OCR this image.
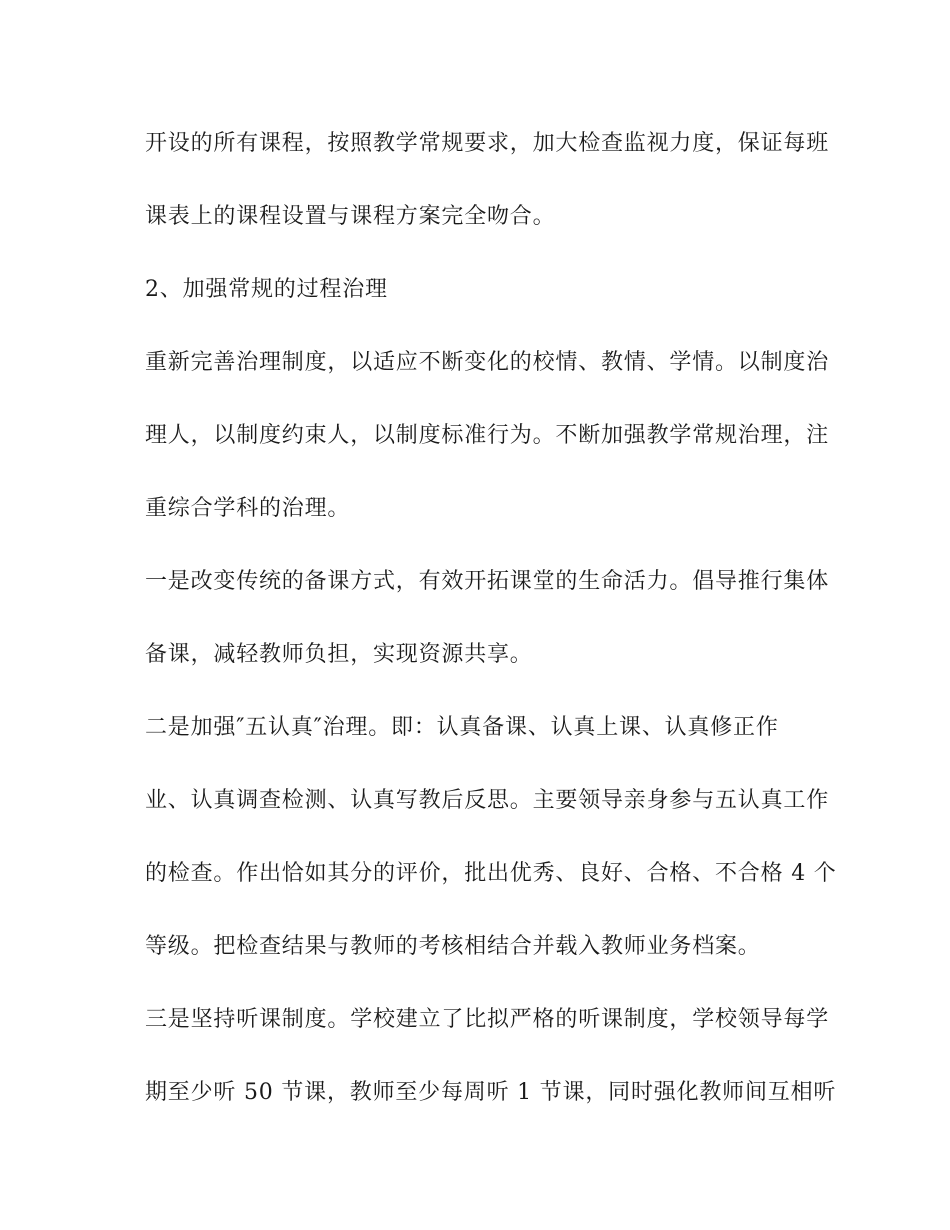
开设的所有课程，按照教学常规要求，加大检查监视力度，保证每班
课表上的课程设置与课程方案完全吻合。
2、加强常规的过程治理
重新完善治理制度，以适应不断变化的校情、教情、学情。以制度治
理人，以制度约束人，以制度标准行为。不断加强教学常规治理，注
重综合学科的治理。
一是改变传统的备课方式，有效开拓课堂的生命活力。倡导推行集体
备课，减轻教师负担，实现资源共享。
二是加强″五认真″治理。即：认真备课、认真上课、认真修正作
业、认真调查检测、认真写教后反思。主要领导亲身参与五认真工作
的检查。作出恰如其分的评价，批出优秀、良好、合格、不合格 4 个
等级。把检查结果与教师的考核相结合并载入教师业务档案。
三是坚持听课制度。学校建立了比拟严格的听课制度，学校领导每学
期至少听 50 节课，教师至少每周听 1 节课，同时强化教师间互相听
